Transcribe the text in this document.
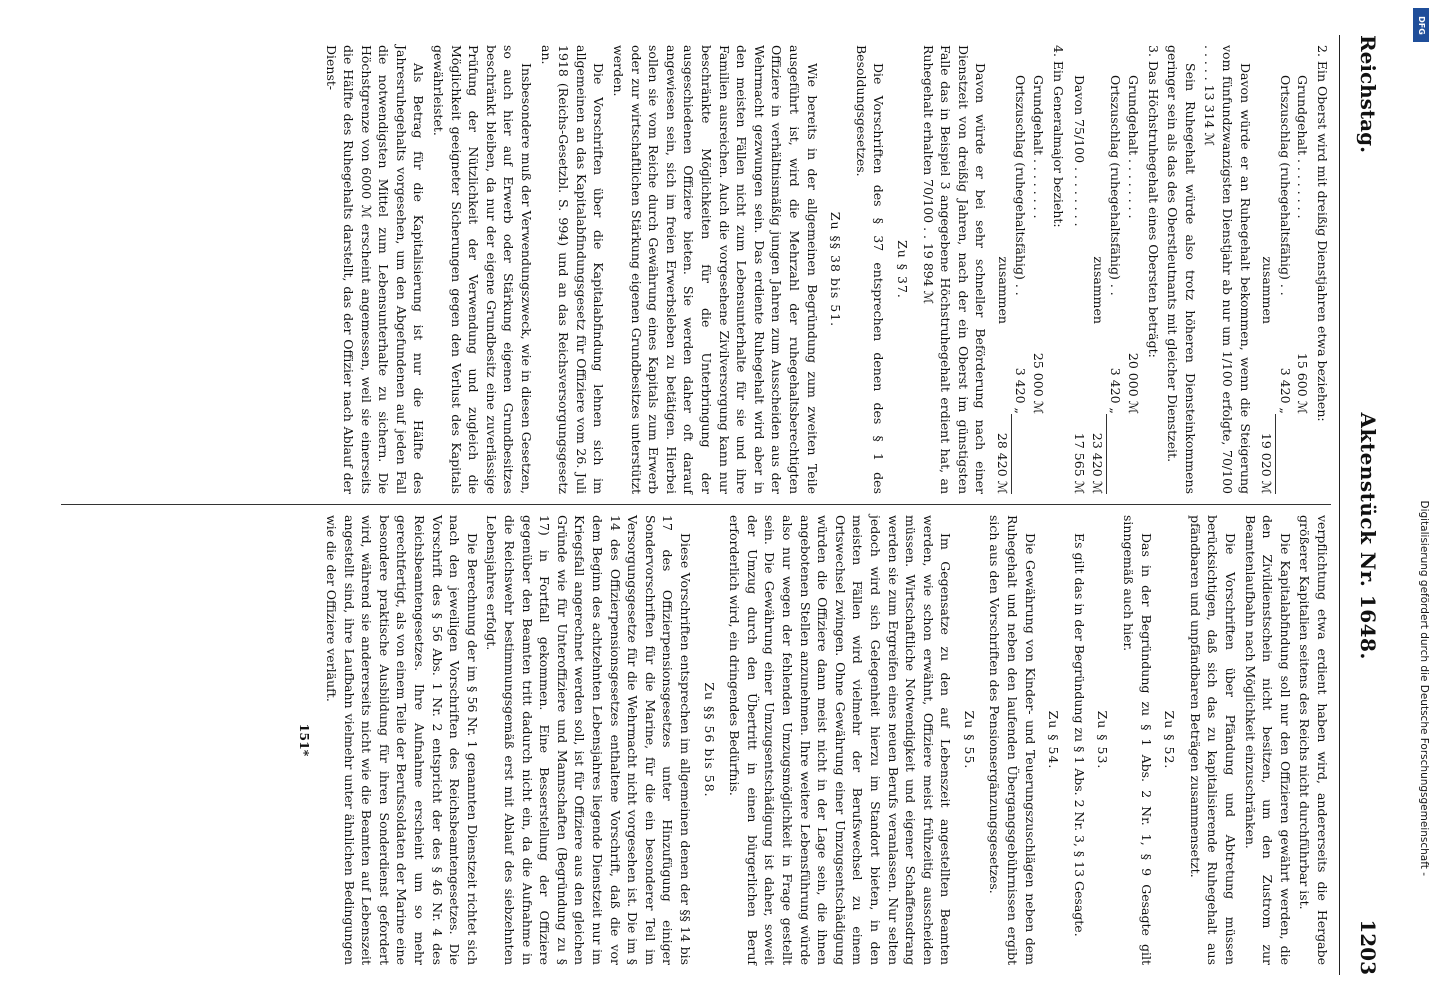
Reichstag.
Aktenstück Nr. 1648.
1203

2. Ein Oberst wird mit dreißig Dienstjahren etwa beziehen:

Grundgehalt . . . . . . . .
15 600 ℳ
Ortszuschlag (ruhegehaltsfähig) . .
3 420 „
zusammen
19 020 ℳ

Davon würde er an Ruhegehalt bekommen, wenn die Steigerung vom fünfundzwanzigsten Dienstjahr ab nur um 1/100 erfolgte, 70/100 . . . . . 13 314 ℳ

Sein Ruhegehalt würde also trotz höheren Diensteinkommens geringer sein als das des Oberstleutnants mit gleicher Dienstzeit.

3. Das Höchstruhegehalt eines Obersten beträgt:

Grundgehalt . . . . . . . .
20 000 ℳ
Ortszuschlag (ruhegehaltsfähig) . .
3 420 „
zusammen
23 420 ℳ
Davon 75/100 . . . . . . . .
17 565 ℳ

4. Ein Generalmajor bezieht:

Grundgehalt . . . . . . . .
25 000 ℳ
Ortszuschlag (ruhegehaltsfähig) . .
3 420 „
zusammen
28 420 ℳ

Davon würde er bei sehr schneller Beförderung nach einer Dienstzeit von dreißig Jahren, nach der ein Oberst im günstigsten Falle das in Beispiel 3 angegebene Höchstruhegehalt erdient hat, an Ruhegehalt erhalten 70/100 . . 19 894 ℳ

Zu § 37.

Die Vorschriften des § 37 entsprechen denen des § 1 des Besoldungsgesetzes.

Zu §§ 38 bis 51.

Wie bereits in der allgemeinen Begründung zum zweiten Teile ausgeführt ist, wird die Mehrzahl der ruhegehaltsberechtigten Offiziere in verhältnismäßig jungen Jahren zum Ausscheiden aus der Wehrmacht gezwungen sein. Das erdiente Ruhegehalt wird aber in den meisten Fällen nicht zum Lebensunterhalte für sie und ihre Familien ausreichen. Auch die vorgesehene Zivilversorgung kann nur beschränkte Möglichkeiten für die Unterbringung der ausgeschiedenen Offiziere bieten. Sie werden daher oft darauf angewiesen sein, sich im freien Erwerbsleben zu betätigen. Hierbei sollen sie vom Reiche durch Gewährung eines Kapitals zum Erwerb oder zur wirtschaftlichen Stärkung eigenen Grundbesitzes unterstützt werden.

Die Vorschriften über die Kapitalabfindung lehnen sich im allgemeinen an das Kapitalabfindungsgesetz für Offiziere vom 26. Juli 1918 (Reichs-Gesetzbl. S. 994) und an das Reichsversorgungsgesetz an.

Insbesondere muß der Verwendungszweck, wie in diesen Gesetzen, so auch hier auf Erwerb oder Stärkung eigenen Grundbesitzes beschränkt bleiben, da nur der eigene Grundbesitz eine zuverlässige Prüfung der Nützlichkeit der Verwendung und zugleich die Möglichkeit geeigneter Sicherungen gegen den Verlust des Kapitals gewährleistet.

Als Betrag für die Kapitalisierung ist nur die Hälfte des Jahresruhegehalts vorgesehen, um den Abgefundenen auf jeden Fall die notwendigsten Mittel zum Lebensunterhalte zu sichern. Die Höchstgrenze von 6000 ℳ erscheint angemessen, weil sie einerseits die Hälfte des Ruhegehalts darstellt, das der Offizier nach Ablauf der Dienst-

verpflichtung etwa erdient haben wird, andererseits die Hergabe größerer Kapitalien seitens des Reichs nicht durchführbar ist.

Die Kapitalabfindung soll nur den Offizieren gewährt werden, die den Zivildienstschein nicht besitzen, um den Zustrom zur Beamtenlaufbahn nach Möglichkeit einzuschränken.

Die Vorschriften über Pfändung und Abtretung müssen berücksichtigen, daß sich das zu kapitalisierende Ruhegehalt aus pfändbaren und unpfändbaren Beträgen zusammensetzt.

Zu § 52.

Das in der Begründung zu § 1 Abs. 2 Nr. 1, § 9 Gesagte gilt sinngemäß auch hier.

Zu § 53.

Es gilt das in der Begründung zu § 1 Abs. 2 Nr. 3, § 13 Gesagte.

Zu § 54.

Die Gewährung von Kinder- und Teuerungszuschlägen neben dem Ruhegehalt und neben den laufenden Übergangsgebührnissen ergibt sich aus den Vorschriften des Pensionsergänzungsgesetzes.

Zu § 55.

Im Gegensatze zu den auf Lebenszeit angestellten Beamten werden, wie schon erwähnt, Offiziere meist frühzeitig ausscheiden müssen. Wirtschaftliche Notwendigkeit und eigener Schaffensdrang werden sie zum Ergreifen eines neuen Berufs veranlassen. Nur selten jedoch wird sich Gelegenheit hierzu im Standort bieten, in den meisten Fällen wird vielmehr der Berufswechsel zu einem Ortswechsel zwingen. Ohne Gewährung einer Umzugsentschädigung würden die Offiziere dann meist nicht in der Lage sein, die ihnen angebotenen Stellen anzunehmen. Ihre weitere Lebensführung würde also nur wegen der fehlenden Umzugsmöglichkeit in Frage gestellt sein. Die Gewährung einer Umzugsentschädigung ist daher, soweit der Umzug durch den Übertritt in einen bürgerlichen Beruf erforderlich wird, ein dringendes Bedürfnis.

Zu §§ 56 bis 58.

Diese Vorschriften entsprechen im allgemeinen denen der §§ 14 bis 17 des Offizierpensionsgesetzes unter Hinzufügung einiger Sondervorschriften für die Marine, für die ein besonderer Teil im Versorgungsgesetze für die Wehrmacht nicht vorgesehen ist. Die im § 14 des Offizierpensionsgesetzes enthaltene Vorschrift, daß die vor dem Beginn des achtzehnten Lebensjahres liegende Dienstzeit nur im Kriegsfall angerechnet werden soll, ist für Offiziere aus den gleichen Gründe wie für Unteroffiziere und Mannschaften (Begründung zu § 17) in Fortfall gekommen. Eine Besserstellung der Offiziere gegenüber den Beamten tritt dadurch nicht ein, da die Aufnahme in die Reichswehr bestimmungsgemäß erst mit Ablauf des siebzehnten Lebensjahres erfolgt.

Die Berechnung der im § 56 Nr. 1 genannten Dienstzeit richtet sich nach den jeweiligen Vorschriften des Reichsbeamtengesetzes. Die Vorschrift des § 56 Abs. 1 Nr. 2 entspricht der des § 46 Nr. 4 des Reichsbeamtengesetzes. Ihre Aufnahme erscheint um so mehr gerechtfertigt, als von einem Teile der Berufssoldaten der Marine eine besondere praktische Ausbildung für ihren Sonderdienst gefordert wird, während sie andererseits nicht wie die Beamten auf Lebenszeit angestellt sind, ihre Laufbahn vielmehr unter ähnlichen Bedingungen wie die der Offiziere verläuft.

151*

DFG
Digitalisierung gefördert durch die Deutsche Forschungsgemeinschaft -
